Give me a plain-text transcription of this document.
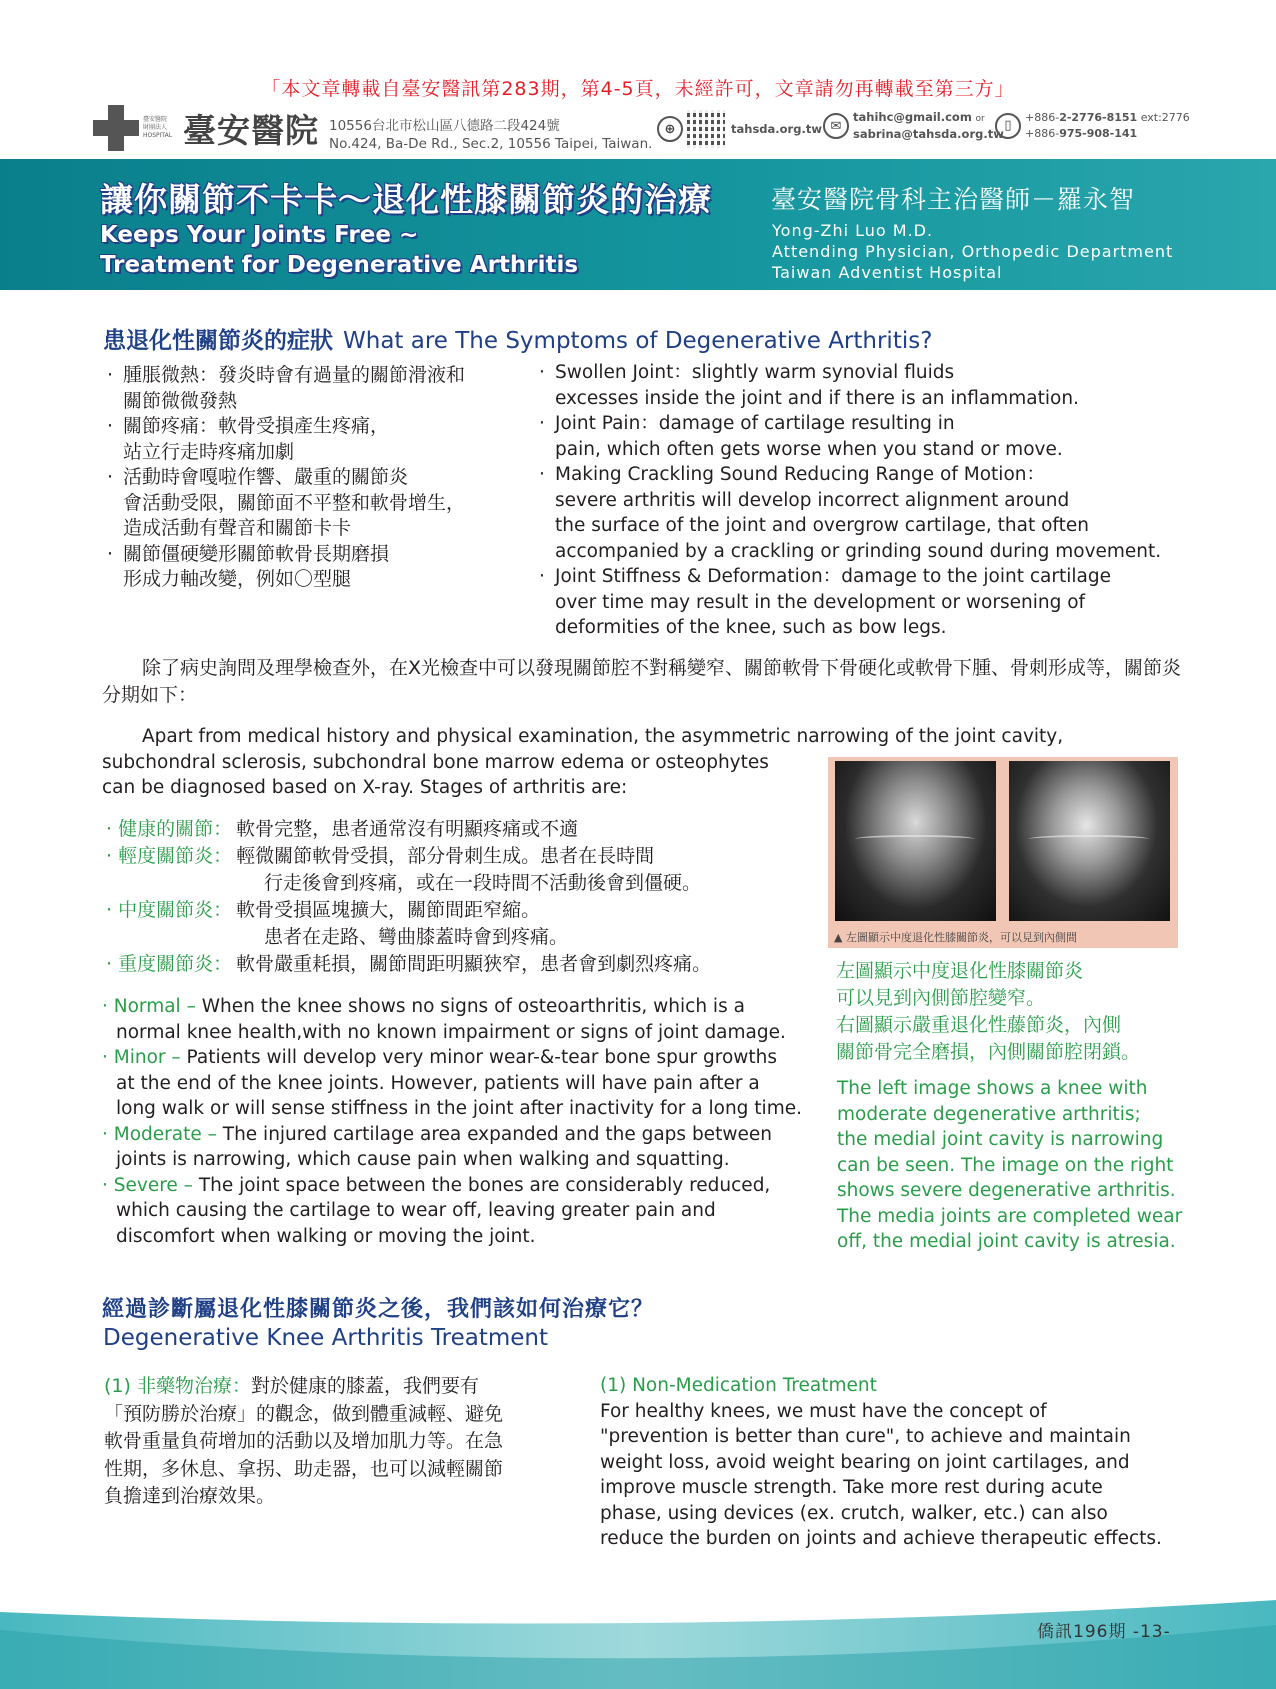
「本文章轉載自臺安醫訊第283期，第4-5頁，未經許可，文章請勿再轉載至第三方」
臺安醫院
財團法人
HOSPITAL 臺安醫院 10556台北市松山區八德路二段424號
No.424, Ba-De Rd., Sec.2, 10556 Taipei, Taiwan.
⊕	tahsda.org.tw ✉
tahihc@gmail.com or
sabrina@tahsda.org.tw
▯
+886-2-2776-8151 ext:2776
+886-975-908-141
讓你關節不卡卡～退化性膝關節炎的治療
Keeps Your Joints Free ~
Treatment for Degenerative Arthritis
臺安醫院骨科主治醫師－羅永智
Yong-Zhi Luo M.D.
Attending Physician, Orthopedic Department
Taiwan Adventist Hospital
患退化性關節炎的症狀 What are The Symptoms of Degenerative Arthritis?
· 腫脹微熱：發炎時會有過量的關節滑液和
關節微微發熱
· 關節疼痛：軟骨受損產生疼痛，
站立行走時疼痛加劇
· 活動時會嘎啦作響、嚴重的關節炎
會活動受限，關節面不平整和軟骨增生，
造成活動有聲音和關節卡卡
· 關節僵硬變形關節軟骨長期磨損
形成力軸改變，例如〇型腿
· Swollen Joint：slightly warm synovial fluids
excesses inside the joint and if there is an inflammation.
· Joint Pain：damage of cartilage resulting in
pain, which often gets worse when you stand or move.
· Making Crackling Sound Reducing Range of Motion：
severe arthritis will develop incorrect alignment around
the surface of the joint and overgrow cartilage, that often
accompanied by a crackling or grinding sound during movement.
· Joint Stiffness & Deformation：damage to the joint cartilage
over time may result in the development or worsening of
deformities of the knee, such as bow legs.
除了病史詢問及理學檢查外，在X光檢查中可以發現關節腔不對稱變窄、關節軟骨下骨硬化或軟骨下腫、骨刺形成等，關節炎分期如下：
Apart from medical history and physical examination, the asymmetric narrowing of the joint cavity,
subchondral sclerosis, subchondral bone marrow edema or osteophytes
can be diagnosed based on X-ray. Stages of arthritis are:
· 健康的關節： 軟骨完整，患者通常沒有明顯疼痛或不適
· 輕度關節炎： 輕微關節軟骨受損，部分骨刺生成。患者在長時間
行走後會到疼痛，或在一段時間不活動後會到僵硬。
· 中度關節炎： 軟骨受損區塊擴大，關節間距窄縮。
患者在走路、彎曲膝蓋時會到疼痛。
· 重度關節炎： 軟骨嚴重耗損，關節間距明顯狹窄，患者會到劇烈疼痛。
· Normal – When the knee shows no signs of osteoarthritis, which is a
normal knee health,with no known impairment or signs of joint damage.
· Minor – Patients will develop very minor wear-&-tear bone spur growths
at the end of the knee joints. However, patients will have pain after a
long walk or will sense stiffness in the joint after inactivity for a long time.
· Moderate – The injured cartilage area expanded and the gaps between
joints is narrowing, which cause pain when walking and squatting.
· Severe – The joint space between the bones are considerably reduced,
which causing the cartilage to wear off, leaving greater pain and
discomfort when walking or moving the joint.
▲ 左圖顯示中度退化性膝關節炎，可以見到內側間
左圖顯示中度退化性膝關節炎
可以見到內側節腔變窄。
右圖顯示嚴重退化性藤節炎，內側
關節骨完全磨損，內側關節腔閉鎖。
The left image shows a knee with
moderate degenerative arthritis;
the medial joint cavity is narrowing
can be seen. The image on the right
shows severe degenerative arthritis.
The media joints are completed wear
off, the medial joint cavity is atresia.
經過診斷屬退化性膝關節炎之後，我們該如何治療它？
Degenerative Knee Arthritis Treatment
(1) 非藥物治療：對於健康的膝蓋，我們要有
「預防勝於治療」的觀念，做到體重減輕、避免
軟骨重量負荷增加的活動以及增加肌力等。在急
性期，多休息、拿拐、助走器，也可以減輕關節
負擔達到治療效果。
(1) Non-Medication Treatment
For healthy knees, we must have the concept of
"prevention is better than cure", to achieve and maintain
weight loss, avoid weight bearing on joint cartilages, and
improve muscle strength. Take more rest during acute
phase, using devices (ex. crutch, walker, etc.) can also
reduce the burden on joints and achieve therapeutic effects.
僑訊196期 -13-
